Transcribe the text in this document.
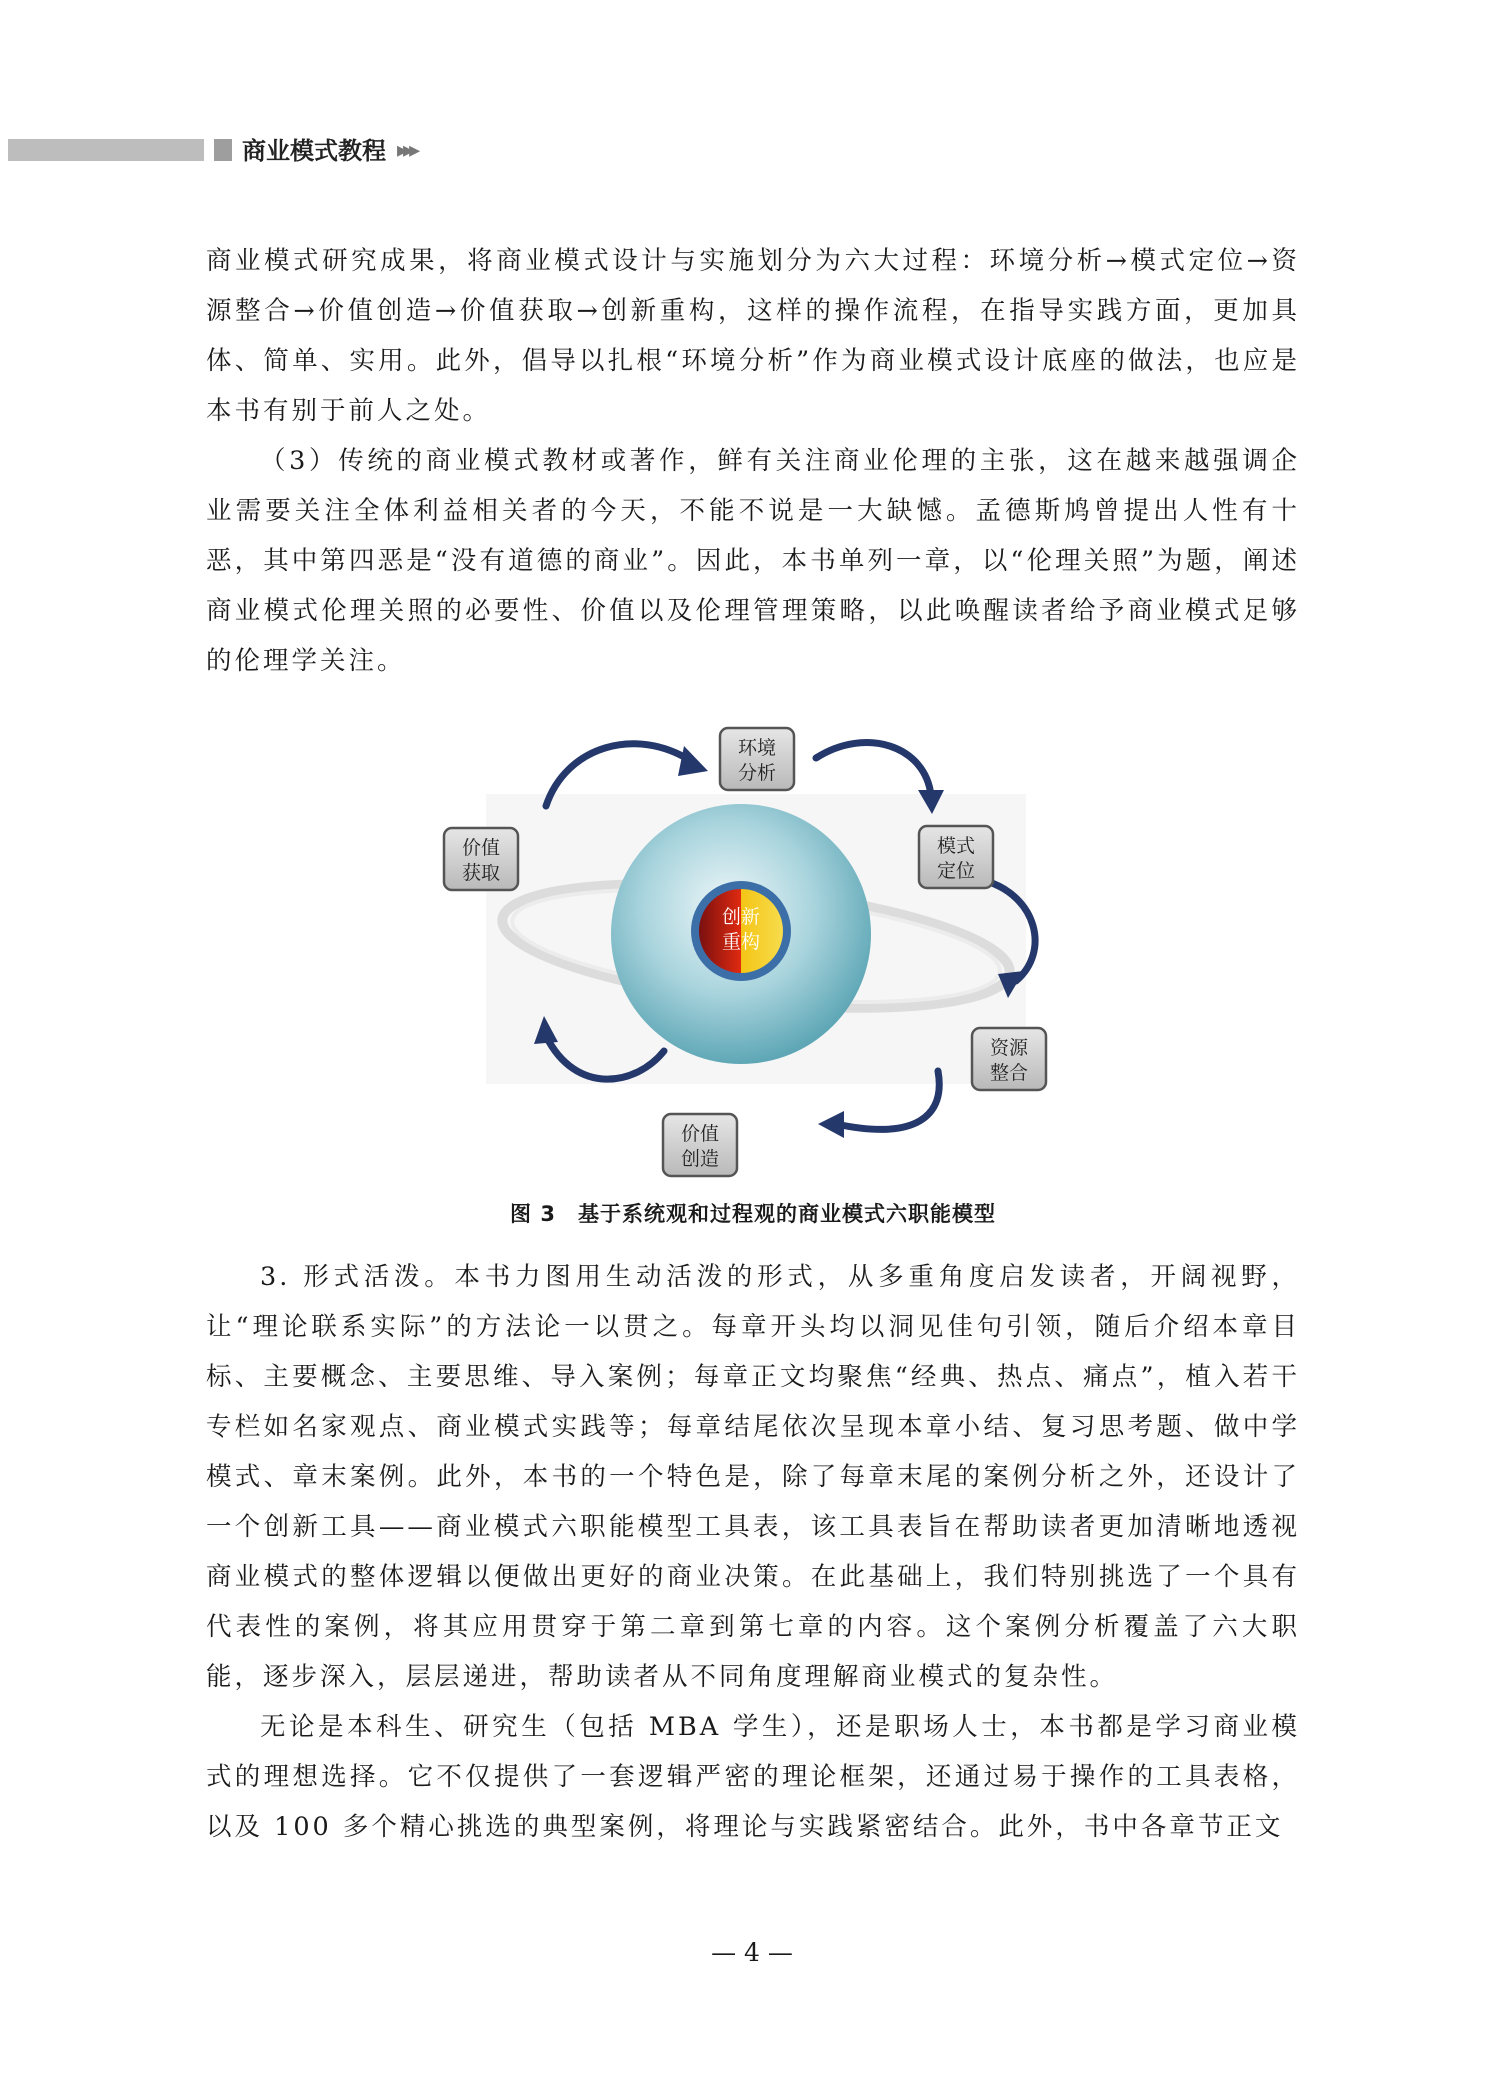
商业模式教程 ▸▸▸

商业模式研究成果，将商业模式设计与实施划分为六大过程：环境分析→模式定位→资源整合→价值创造→价值获取→创新重构，这样的操作流程，在指导实践方面，更加具体、简单、实用。此外，倡导以扎根“环境分析”作为商业模式设计底座的做法，也应是本书有别于前人之处。

（3）传统的商业模式教材或著作，鲜有关注商业伦理的主张，这在越来越强调企业需要关注全体利益相关者的今天，不能不说是一大缺憾。孟德斯鸠曾提出人性有十恶，其中第四恶是“没有道德的商业”。因此，本书单列一章，以“伦理关照”为题，阐述商业模式伦理关照的必要性、价值以及伦理管理策略，以此唤醒读者给予商业模式足够的伦理学关注。

创新
重构
环境
分析
模式
定位
资源
整合
价值
创造
价值
获取
图 3　基于系统观和过程观的商业模式六职能模型

3. 形式活泼。本书力图用生动活泼的形式，从多重角度启发读者，开阔视野，让“理论联系实际”的方法论一以贯之。每章开头均以洞见佳句引领，随后介绍本章目标、主要概念、主要思维、导入案例；每章正文均聚焦“经典、热点、痛点”，植入若干专栏如名家观点、商业模式实践等；每章结尾依次呈现本章小结、复习思考题、做中学模式、章末案例。此外，本书的一个特色是，除了每章末尾的案例分析之外，还设计了一个创新工具——商业模式六职能模型工具表，该工具表旨在帮助读者更加清晰地透视商业模式的整体逻辑以便做出更好的商业决策。在此基础上，我们特别挑选了一个具有代表性的案例，将其应用贯穿于第二章到第七章的内容。这个案例分析覆盖了六大职能，逐步深入，层层递进，帮助读者从不同角度理解商业模式的复杂性。

无论是本科生、研究生（包括 MBA 学生），还是职场人士，本书都是学习商业模式的理想选择。它不仅提供了一套逻辑严密的理论框架，还通过易于操作的工具表格，以及 100 多个精心挑选的典型案例，将理论与实践紧密结合。此外，书中各章节正文

— 4 —
